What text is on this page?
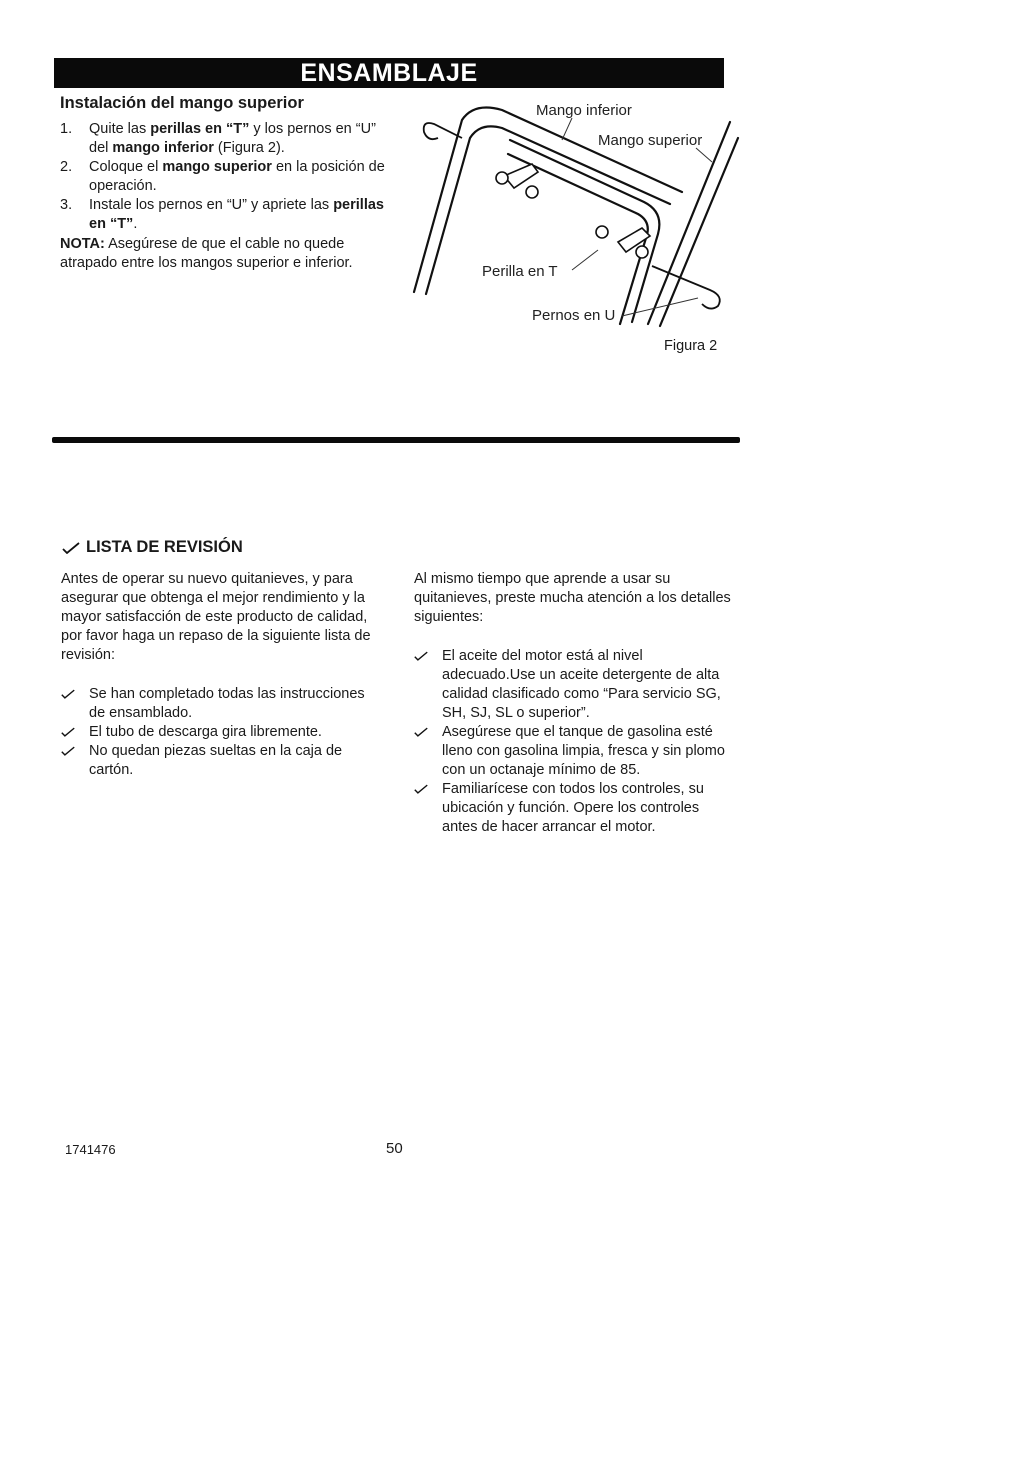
ENSAMBLAJE
Instalación del mango superior
1.	Quite las perillas en “T” y los pernos en “U” del mango inferior (Figura 2).
2.	Coloque el mango superior en la posición de operación.
3.	Instale los pernos en “U” y apriete las perillas en “T”.
NOTA: Asegúrese de que el cable no quede atrapado entre los mangos superior e inferior.
Mango inferior
Mango superior
Perilla en T
Pernos en U
Figura 2
LISTA DE REVISIÓN

Antes de operar su nuevo quitanieves, y para asegurar que obtenga el mejor rendimiento y la mayor satisfacción de este producto de calidad, por favor haga un repaso de la siguiente lista de revisión:

Se han completado todas las instrucciones de ensamblado.
El tubo de descarga gira libremente.
No quedan piezas sueltas en la caja de cartón.

Al mismo tiempo que aprende a usar su quitanieves, preste mucha atención a los detalles siguientes:

El aceite del motor está al nivel adecuado.Use un aceite detergente de alta calidad clasificado como “Para servicio SG, SH, SJ, SL o superior”.
Asegúrese que el tanque de gasolina esté lleno con gasolina limpia, fresca y sin plomo con un octanaje mínimo de 85.
Familiarícese con todos los controles, su ubicación y función. Opere los controles antes de hacer arrancar el motor.
1741476	50
